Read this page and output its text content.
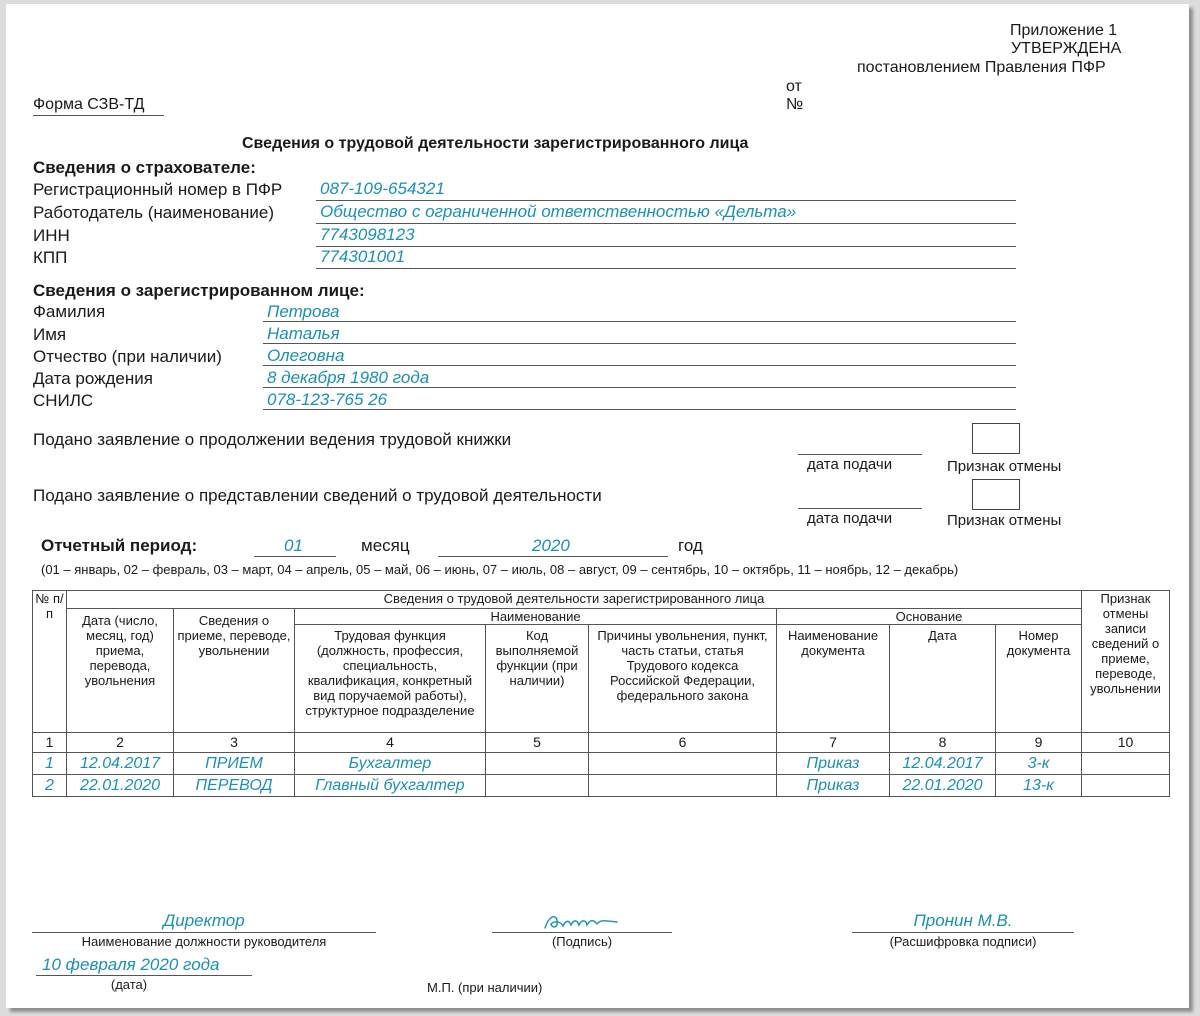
Приложение 1
УТВЕРЖДЕНА
постановлением Правления ПФР
от
№
Форма СЗВ-ТД
Сведения о трудовой деятельности зарегистрированного лица
Сведения о страхователе:
Регистрационный номер в ПФР 087-109-654321
Работодатель (наименование)	Общество с ограниченной ответственностью «Дельта»
ИНН	7743098123
КПП	774301001
Сведения о зарегистрированном лице:
Фамилия	Петрова
Имя	Наталья
Отчество (при наличии)	Олеговна
Дата рождения	8 декабря 1980 года
СНИЛС	078-123-765 26
Подано заявление о продолжении ведения трудовой книжки
дата подачи	Признак отмены
Подано заявление о представлении сведений о трудовой деятельности
дата подачи	Признак отмены
Отчетный период:	01	месяц	2020	год
(01 – январь, 02 – февраль, 03 – март, 04 – апрель, 05 – май, 06 – июнь, 07 – июль, 08 – август, 09 – сентябрь, 10 – октябрь, 11 – ноябрь, 12 – декабрь)
№ п/п	Сведения о трудовой деятельности зарегистрированного лица								Признак отмены записи сведений о приеме, переводе, увольнении
	Дата (число, месяц, год) приема, перевода, увольнения	Сведения о приеме, переводе, увольнении	Наименование			Основание			
			Трудовая функция (должность, профессия, специальность, квалификация, конкретный вид поручаемой работы), структурное подразделение	Код выполняемой функции (при наличии)	Причины увольнения, пункт, часть статьи, статья Трудового кодекса Российской Федерации, федерального закона	Наименование документа	Дата	Номер документа	

1	2	3	4	5	6	7	8	9	10
1	12.04.2017	ПРИЕМ	Бухгалтер			Приказ	12.04.2017	3-к	
2	22.01.2020	ПЕРЕВОД	Главный бухгалтер			Приказ	22.01.2020	13-к	
Директор
Наименование должности руководителя	(Подпись)
Пронин М.В.
(Расшифровка подписи)
10 февраля 2020 года
(дата)	М.П. (при наличии)
